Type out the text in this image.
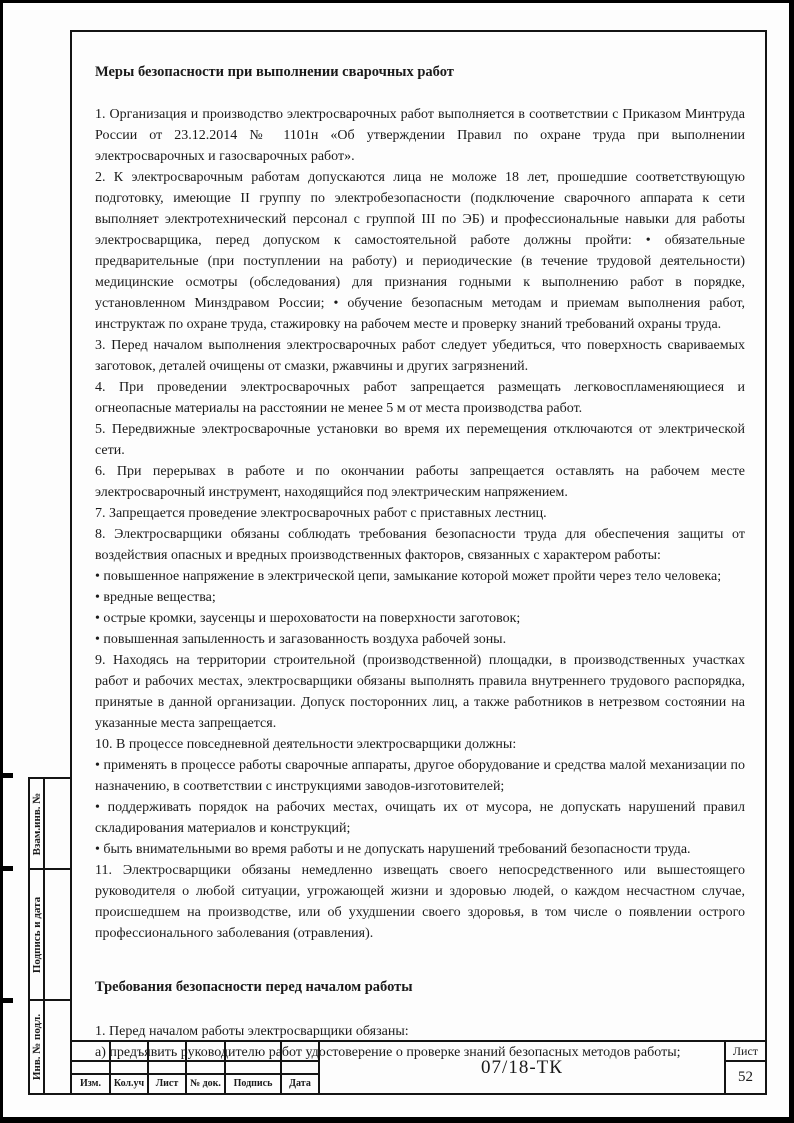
Взам.инв. №
Подпись и дата
Инв. № подл.
Меры безопасности при выполнении сварочных работ

1. Организация и производство электросварочных работ выполняется в соответствии с Приказом Минтруда России от 23.12.2014 № 1101н «Об утверждении Правил по охране труда при выполнении электросварочных и газосварочных работ».

2. К электросварочным работам допускаются лица не моложе 18 лет, прошедшие соответствующую подготовку, имеющие II группу по электробезопасности (подключение сварочного аппарата к сети выполняет электротехнический персонал с группой III по ЭБ) и профессиональные навыки для работы электросварщика, перед допуском к самостоятельной работе должны пройти: • обязательные предварительные (при поступлении на работу) и периодические (в течение трудовой деятельности) медицинские осмотры (обследования) для признания годными к выполнению работ в порядке, установленном Минздравом России; • обучение безопасным методам и приемам выполнения работ, инструктаж по охране труда, стажировку на рабочем месте и проверку знаний требований охраны труда.

3. Перед началом выполнения электросварочных работ следует убедиться, что поверхность свариваемых заготовок, деталей очищены от смазки, ржавчины и других загрязнений.

4. При проведении электросварочных работ запрещается размещать легковоспламеняющиеся и огнеопасные материалы на расстоянии не менее 5 м от места производства работ.

5. Передвижные электросварочные установки во время их перемещения отключаются от электрической сети.

6. При перерывах в работе и по окончании работы запрещается оставлять на рабочем месте электросварочный инструмент, находящийся под электрическим напряжением.

7. Запрещается проведение электросварочных работ с приставных лестниц.

8. Электросварщики обязаны соблюдать требования безопасности труда для обеспечения защиты от воздействия опасных и вредных производственных факторов, связанных с характером работы:

• повышенное напряжение в электрической цепи, замыкание которой может пройти через тело человека;

• вредные вещества;

• острые кромки, заусенцы и шероховатости на поверхности заготовок;

• повышенная запыленность и загазованность воздуха рабочей зоны.

9. Находясь на территории строительной (производственной) площадки, в производственных участках работ и рабочих местах, электросварщики обязаны выполнять правила внутреннего трудового распорядка, принятые в данной организации. Допуск посторонних лиц, а также работников в нетрезвом состоянии на указанные места запрещается.

10. В процессе повседневной деятельности электросварщики должны:

• применять в процессе работы сварочные аппараты, другое оборудование и средства малой механизации по назначению, в соответствии с инструкциями заводов-изготовителей;

• поддерживать порядок на рабочих местах, очищать их от мусора, не допускать нарушений правил складирования материалов и конструкций;

• быть внимательными во время работы и не допускать нарушений требований безопасности труда.

11. Электросварщики обязаны немедленно извещать своего непосредственного или вышестоящего руководителя о любой ситуации, угрожающей жизни и здоровью людей, о каждом несчастном случае, происшедшем на производстве, или об ухудшении своего здоровья, в том числе о появлении острого профессионального заболевания (отравления).

Требования безопасности перед началом работы

1. Перед началом работы электросварщики обязаны:

а) предъявить руководителю работ удостоверение о проверке знаний безопасных методов работы;

Изм.	Кол.уч	Лист	№ док.	Подпись	Дата
07/18-ТК
Лист
52
